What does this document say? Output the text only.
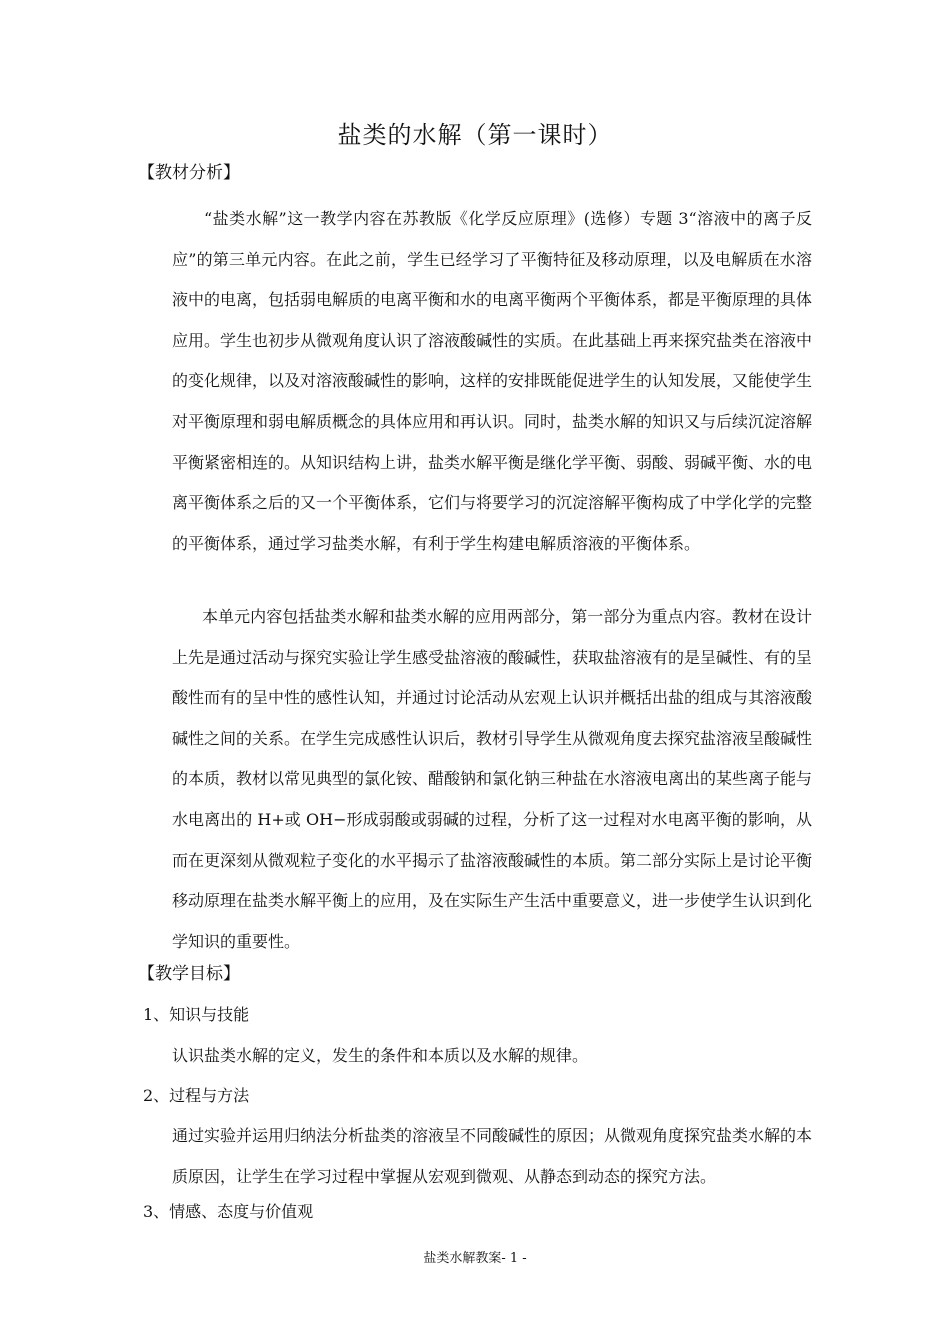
盐类的水解（第一课时）
【教材分析】

“盐类水解”这一教学内容在苏教版《化学反应原理》(选修）专题 3“溶液中的离子反应”的第三单元内容。在此之前，学生已经学习了平衡特征及移动原理，以及电解质在水溶液中的电离，包括弱电解质的电离平衡和水的电离平衡两个平衡体系，都是平衡原理的具体应用。学生也初步从微观角度认识了溶液酸碱性的实质。在此基础上再来探究盐类在溶液中的变化规律，以及对溶液酸碱性的影响，这样的安排既能促进学生的认知发展，又能使学生对平衡原理和弱电解质概念的具体应用和再认识。同时，盐类水解的知识又与后续沉淀溶解平衡紧密相连的。从知识结构上讲，盐类水解平衡是继化学平衡、弱酸、弱碱平衡、水的电离平衡体系之后的又一个平衡体系，它们与将要学习的沉淀溶解平衡构成了中学化学的完整的平衡体系，通过学习盐类水解，有利于学生构建电解质溶液的平衡体系。

本单元内容包括盐类水解和盐类水解的应用两部分，第一部分为重点内容。教材在设计上先是通过活动与探究实验让学生感受盐溶液的酸碱性，获取盐溶液有的是呈碱性、有的呈酸性而有的呈中性的感性认知，并通过讨论活动从宏观上认识并概括出盐的组成与其溶液酸碱性之间的关系。在学生完成感性认识后，教材引导学生从微观角度去探究盐溶液呈酸碱性的本质，教材以常见典型的氯化铵、醋酸钠和氯化钠三种盐在水溶液电离出的某些离子能与水电离出的 H+或 OH−形成弱酸或弱碱的过程，分析了这一过程对水电离平衡的影响，从而在更深刻从微观粒子变化的水平揭示了盐溶液酸碱性的本质。第二部分实际上是讨论平衡移动原理在盐类水解平衡上的应用，及在实际生产生活中重要意义，进一步使学生认识到化学知识的重要性。

【教学目标】
1、知识与技能

认识盐类水解的定义，发生的条件和本质以及水解的规律。

2、过程与方法

通过实验并运用归纳法分析盐类的溶液呈不同酸碱性的原因；从微观角度探究盐类水解的本质原因，让学生在学习过程中掌握从宏观到微观、从静态到动态的探究方法。

3、情感、态度与价值观
盐类水解教案- 1 -
